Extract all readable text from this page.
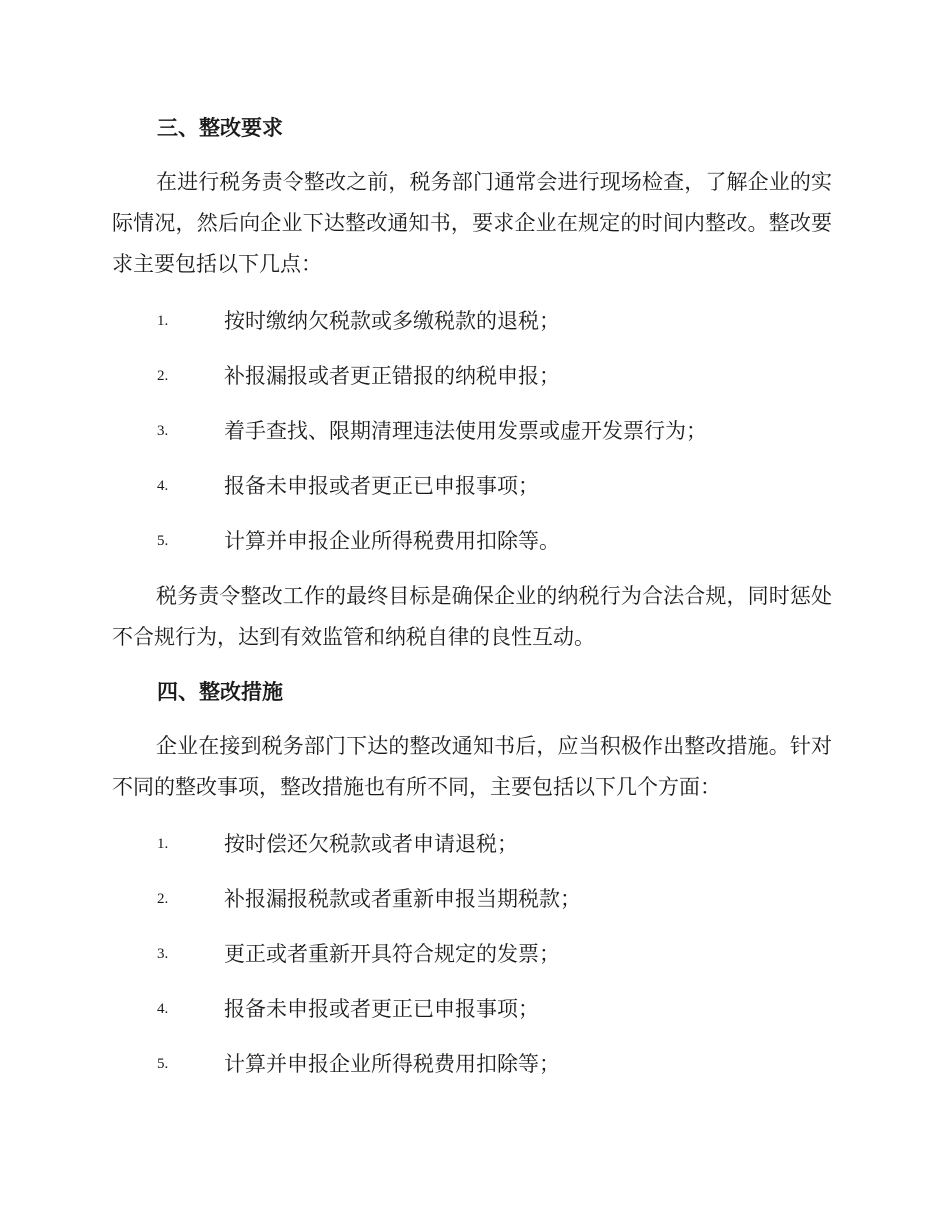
三、整改要求
在进行税务责令整改之前，税务部门通常会进行现场检查，了解企业的实际情况，然后向企业下达整改通知书，要求企业在规定的时间内整改。整改要求主要包括以下几点：
1.	按时缴纳欠税款或多缴税款的退税；
2.	补报漏报或者更正错报的纳税申报；
3.	着手查找、限期清理违法使用发票或虚开发票行为；
4.	报备未申报或者更正已申报事项；
5.	计算并申报企业所得税费用扣除等。
税务责令整改工作的最终目标是确保企业的纳税行为合法合规，同时惩处不合规行为，达到有效监管和纳税自律的良性互动。
四、整改措施
企业在接到税务部门下达的整改通知书后，应当积极作出整改措施。针对不同的整改事项，整改措施也有所不同，主要包括以下几个方面：
1.	按时偿还欠税款或者申请退税；
2.	补报漏报税款或者重新申报当期税款；
3.	更正或者重新开具符合规定的发票；
4.	报备未申报或者更正已申报事项；
5.	计算并申报企业所得税费用扣除等；
